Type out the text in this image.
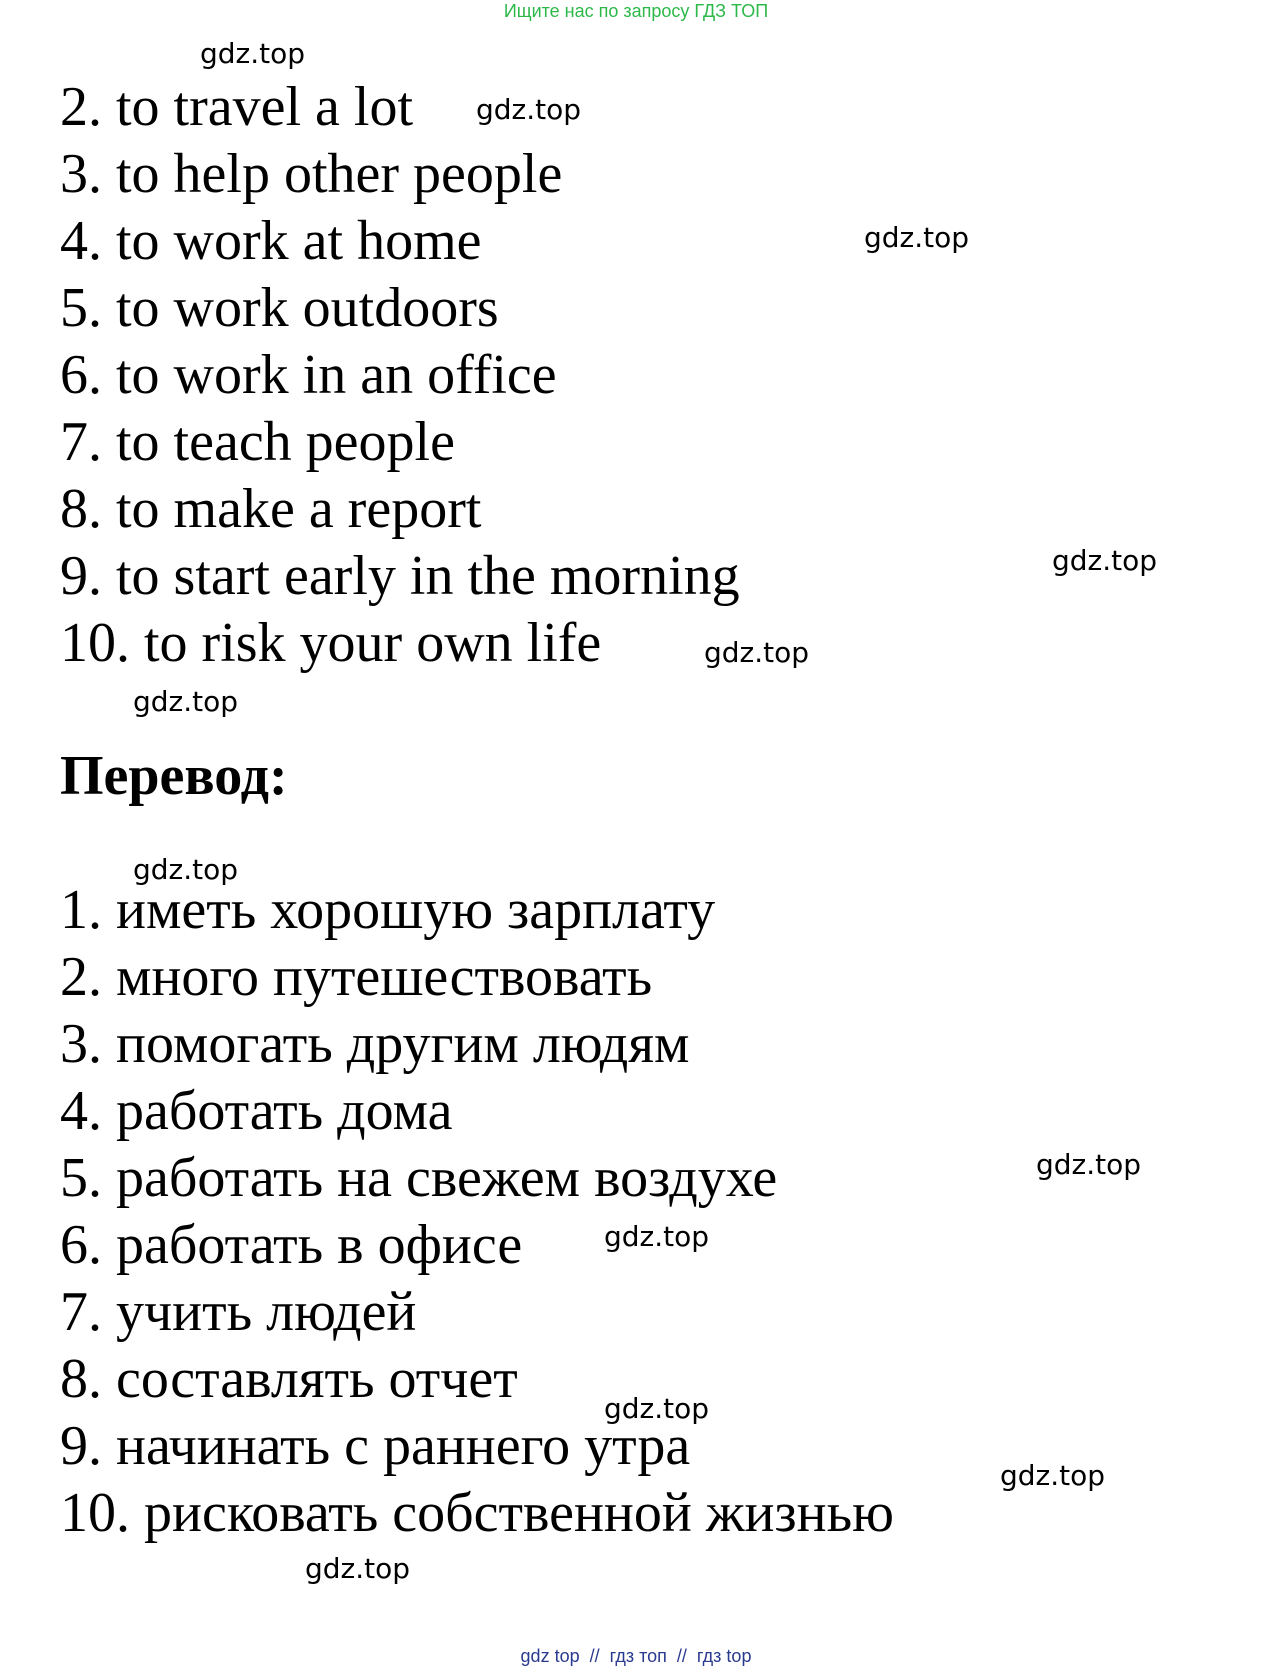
Ищите нас по запросу ГДЗ ТОП
2. to travel a lot
3. to help other people
4. to work at home
5. to work outdoors
6. to work in an office
7. to teach people
8. to make a report
9. to start early in the morning
10. to risk your own life
Перевод:
1. иметь хорошую зарплату
2. много путешествовать
3. помогать другим людям
4. работать дома
5. работать на свежем воздухе
6. работать в офисе
7. учить людей
8. составлять отчет
9. начинать с раннего утра
10. рисковать собственной жизнью
gdz.top
gdz.top
gdz.top
gdz.top
gdz.top
gdz.top
gdz.top
gdz.top
gdz.top
gdz.top
gdz.top
gdz.top
gdz top  //  гдз топ  //  гдз top
